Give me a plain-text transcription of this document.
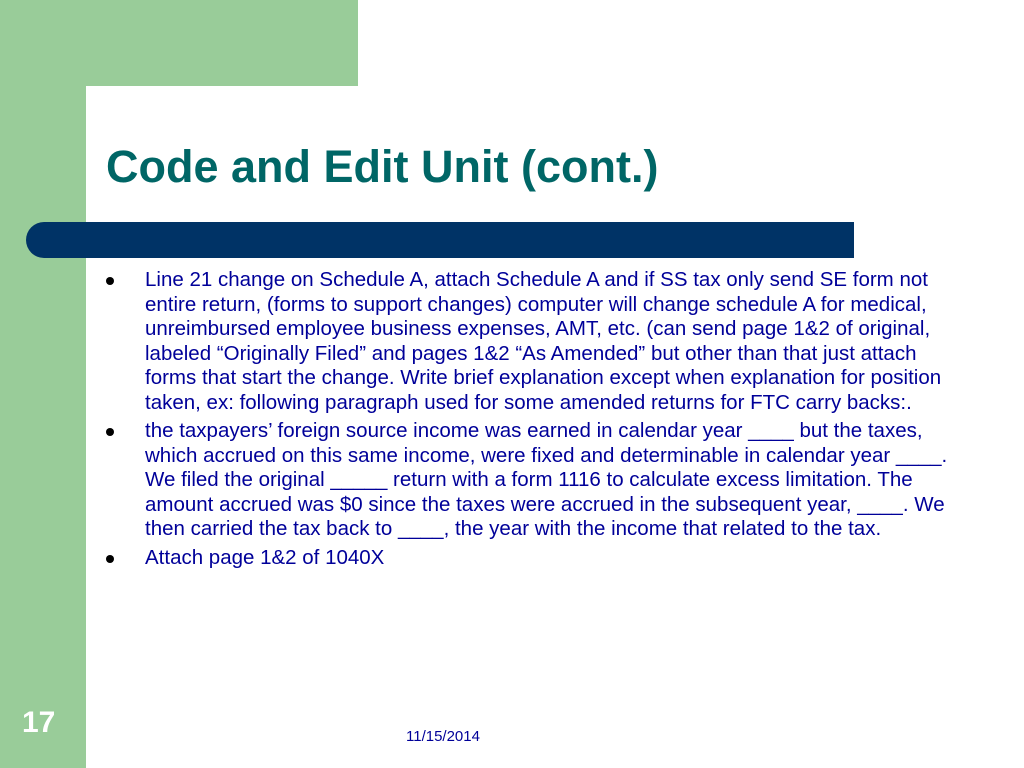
Code and Edit Unit (cont.)
Line 21 change on Schedule A, attach Schedule A and if SS tax only send SE form not entire return, (forms to support changes) computer will change schedule A for medical, unreimbursed employee business expenses, AMT, etc. (can send page 1&2 of original, labeled “Originally Filed” and pages 1&2 “As Amended” but other than that just attach forms that start the change. Write brief explanation except when explanation for position taken, ex: following paragraph used for some amended returns for FTC carry backs:.
the taxpayers’ foreign source income was earned in calendar year ____ but the taxes, which accrued on this same income, were fixed and determinable in calendar year ____. We filed the original _____ return with a form 1116 to calculate excess limitation. The amount accrued was $0 since the taxes were accrued in the subsequent year, ____. We then carried the tax back to ____, the year with the income that related to the tax.
Attach page 1&2 of 1040X
17	11/15/2014
